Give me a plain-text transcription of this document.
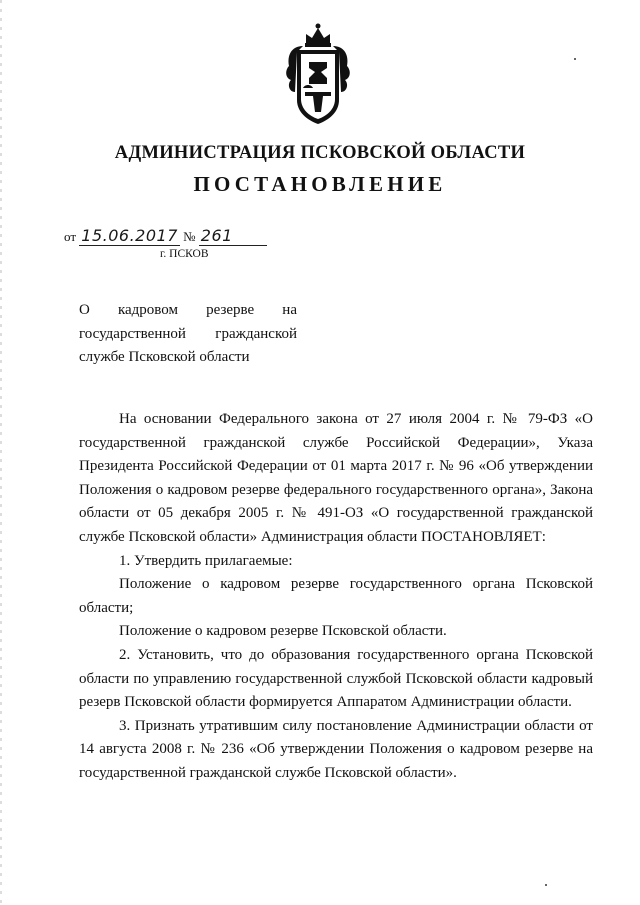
АДМИНИСТРАЦИЯ ПСКОВСКОЙ ОБЛАСТИ
ПОСТАНОВЛЕНИЕ
от 15.06.2017 № 261
г. ПСКОВ

О кадровом резерве на

государственной гражданской

службе Псковской области

На основании Федерального закона от 27 июля 2004 г. № 79-ФЗ «О государственной гражданской службе Российской Федерации», Указа Президента Российской Федерации от 01 марта 2017 г. № 96 «Об утверждении Положения о кадровом резерве федерального государственного органа», Закона области от 05 декабря 2005 г. № 491-ОЗ «О государственной гражданской службе Псковской области» Администрация области ПОСТАНОВЛЯЕТ:

1. Утвердить прилагаемые:

Положение о кадровом резерве государственного органа Псковской области;

Положение о кадровом резерве Псковской области.

2. Установить, что до образования государственного органа Псковской области по управлению государственной службой Псковской области кадровый резерв Псковской области формируется Аппаратом Администрации области.

3. Признать утратившим силу постановление Администрации области от 14 августа 2008 г. № 236 «Об утверждении Положения о кадровом резерве на государственной гражданской службе Псковской области».
